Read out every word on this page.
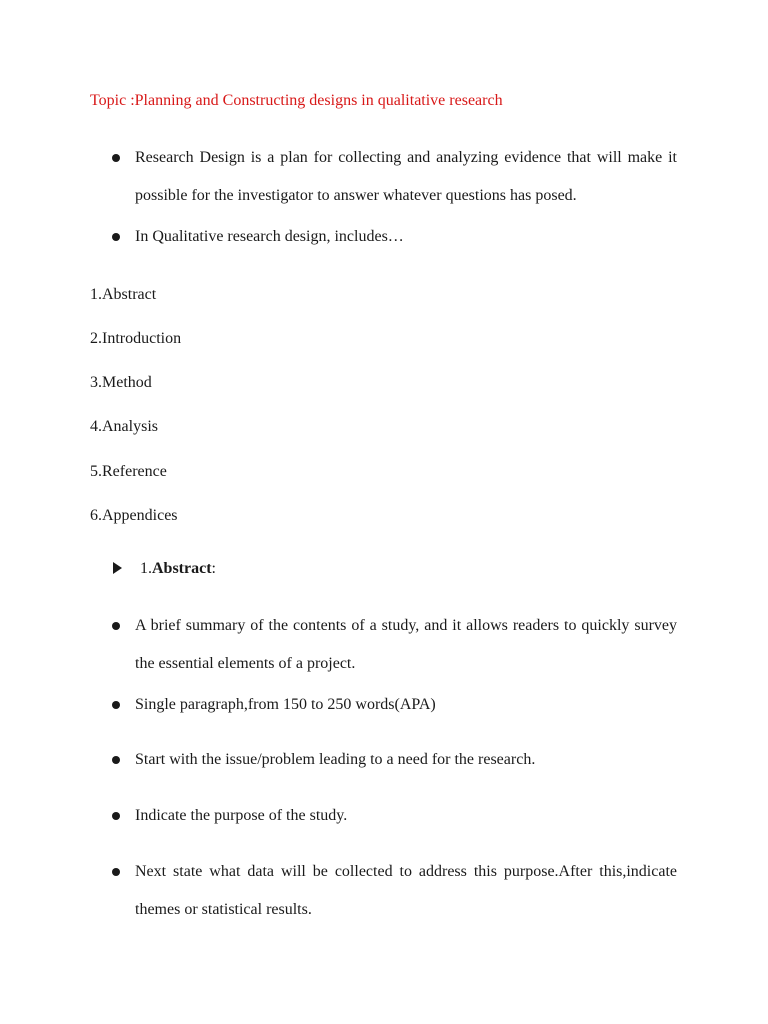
Topic :Planning and Constructing designs in qualitative research
Research Design is a plan for collecting and analyzing evidence that will make it possible for the investigator to answer whatever questions has posed.
In Qualitative research design, includes…
1.Abstract
2.Introduction
3.Method
4.Analysis
5.Reference
6.Appendices
1.Abstract:
A brief summary of the contents of a study, and it allows readers to quickly survey the essential elements of a project.
Single paragraph,from 150 to 250 words(APA)
Start with the issue/problem leading to a need for the research.
Indicate the purpose of the study.
Next state what data will be collected to address this purpose.After this,indicate themes or statistical results.
